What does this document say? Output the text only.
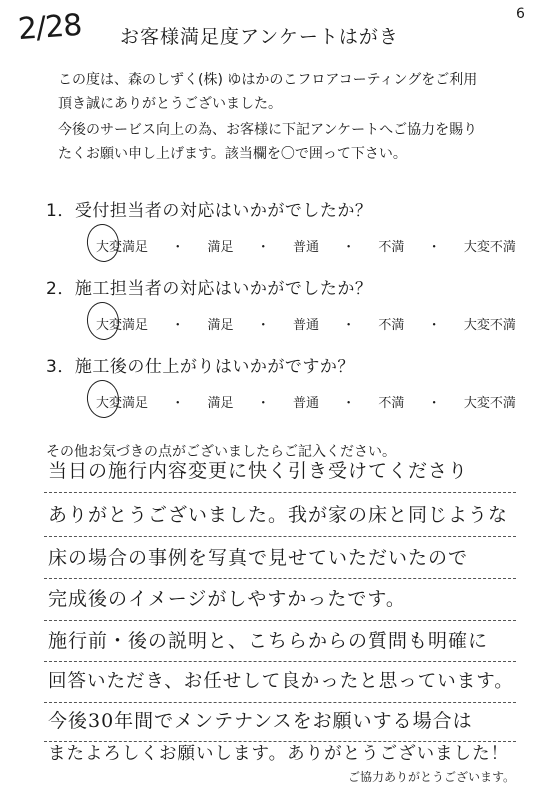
2/28	6
お客様満足度アンケートはがき
この度は、森のしずく(株) ゆはかのこフロアコーティングをご利用
頂き誠にありがとうございました。
今後のサービス向上の為、お客様に下記アンケートへご協力を賜り
たくお願い申し上げます。該当欄を〇で囲って下さい。
1．受付担当者の対応はいかがでしたか？
大変満足 ・ 満足 ・ 普通 ・ 不満 ・ 大変不満
2．施工担当者の対応はいかがでしたか？
大変満足 ・ 満足 ・ 普通 ・ 不満 ・ 大変不満
3．施工後の仕上がりはいかがですか？
大変満足 ・ 満足 ・ 普通 ・ 不満 ・ 大変不満
その他お気づきの点がございましたらご記入ください。
当日の施行内容変更に快く引き受けてくださり
ありがとうございました。我が家の床と同じような
床の場合の事例を写真で見せていただいたので
完成後のイメージがしやすかったです。
施行前・後の説明と、こちらからの質問も明確に
回答いただき、お任せして良かったと思っています。
今後30年間でメンテナンスをお願いする場合は
またよろしくお願いします。ありがとうございました！
ご協力ありがとうございます。
